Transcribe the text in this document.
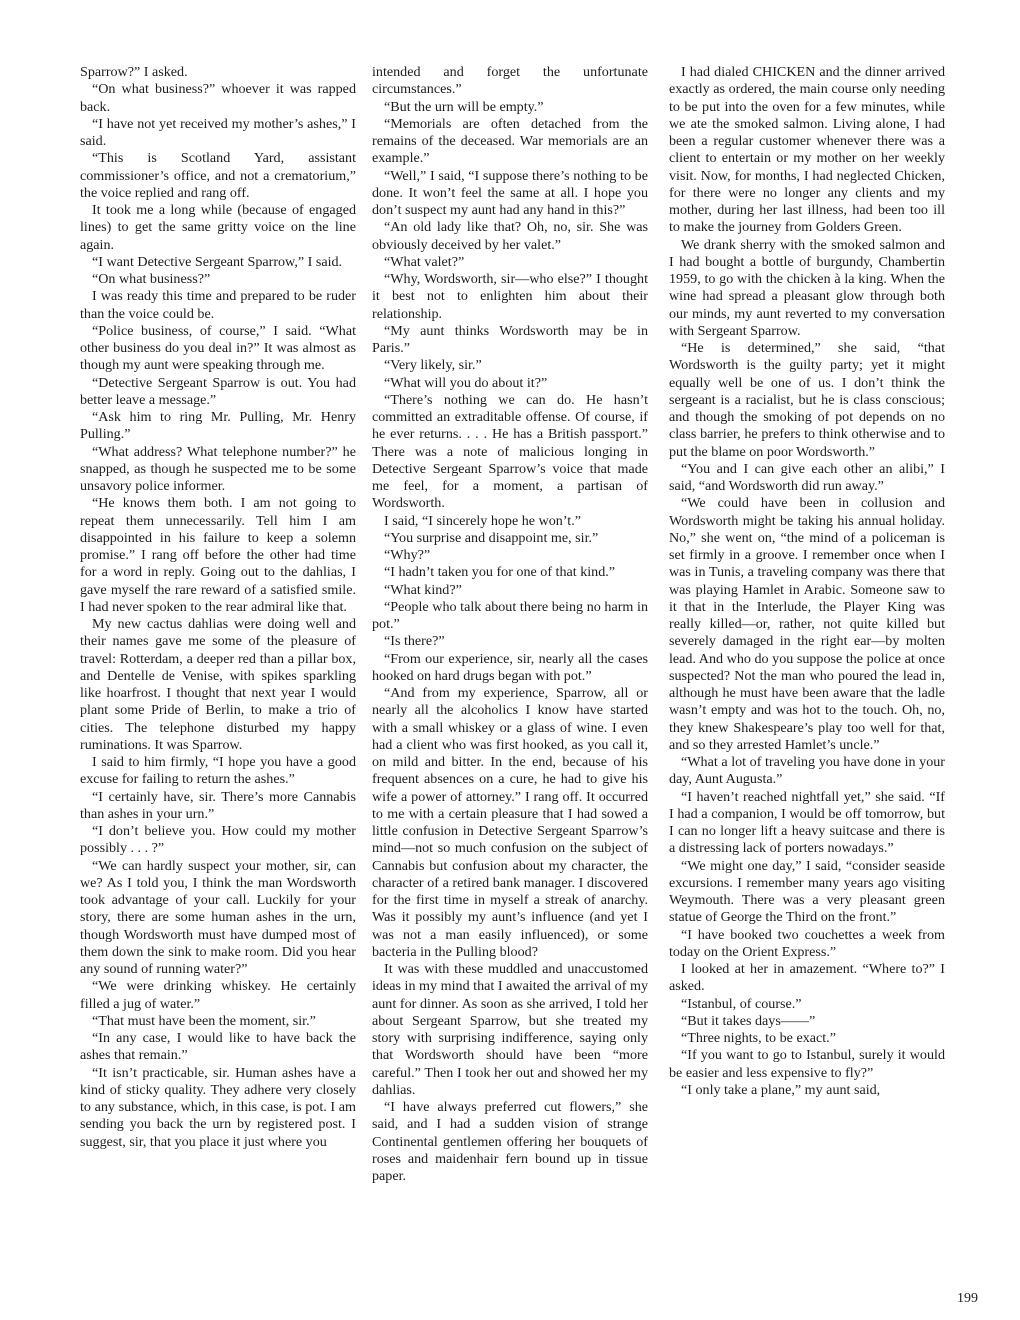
Sparrow?” I asked.

“On what business?” whoever it was rapped back.

“I have not yet received my mother’s ashes,” I said.

“This is Scotland Yard, assistant commissioner’s office, and not a crematorium,” the voice replied and rang off.

It took me a long while (because of engaged lines) to get the same gritty voice on the line again.

“I want Detective Sergeant Sparrow,” I said.

“On what business?”

I was ready this time and prepared to be ruder than the voice could be.

“Police business, of course,” I said. “What other business do you deal in?” It was almost as though my aunt were speaking through me.

“Detective Sergeant Sparrow is out. You had better leave a message.”

“Ask him to ring Mr. Pulling, Mr. Henry Pulling.”

“What address? What telephone number?” he snapped, as though he suspected me to be some unsavory police informer.

“He knows them both. I am not going to repeat them unnecessarily. Tell him I am disappointed in his failure to keep a solemn promise.” I rang off before the other had time for a word in reply. Going out to the dahlias, I gave myself the rare reward of a satisfied smile. I had never spoken to the rear admiral like that.

My new cactus dahlias were doing well and their names gave me some of the pleasure of travel: Rotterdam, a deeper red than a pillar box, and Dentelle de Venise, with spikes sparkling like hoarfrost. I thought that next year I would plant some Pride of Berlin, to make a trio of cities. The telephone disturbed my happy ruminations. It was Sparrow.

I said to him firmly, “I hope you have a good excuse for failing to return the ashes.”

“I certainly have, sir. There’s more Cannabis than ashes in your urn.”

“I don’t believe you. How could my mother possibly . . . ?”

“We can hardly suspect your mother, sir, can we? As I told you, I think the man Wordsworth took advantage of your call. Luckily for your story, there are some human ashes in the urn, though Wordsworth must have dumped most of them down the sink to make room. Did you hear any sound of running water?”

“We were drinking whiskey. He certainly filled a jug of water.”

“That must have been the moment, sir.”

“In any case, I would like to have back the ashes that remain.”

“It isn’t practicable, sir. Human ashes have a kind of sticky quality. They adhere very closely to any substance, which, in this case, is pot. I am sending you back the urn by registered post. I suggest, sir, that you place it just where you

intended and forget the unfortunate circumstances.”

“But the urn will be empty.”

“Memorials are often detached from the remains of the deceased. War memorials are an example.”

“Well,” I said, “I suppose there’s nothing to be done. It won’t feel the same at all. I hope you don’t suspect my aunt had any hand in this?”

“An old lady like that? Oh, no, sir. She was obviously deceived by her valet.”

“What valet?”

“Why, Wordsworth, sir—who else?” I thought it best not to enlighten him about their relationship.

“My aunt thinks Wordsworth may be in Paris.”

“Very likely, sir.”

“What will you do about it?”

“There’s nothing we can do. He hasn’t committed an extraditable offense. Of course, if he ever returns. . . . He has a British passport.” There was a note of malicious longing in Detective Sergeant Sparrow’s voice that made me feel, for a moment, a partisan of Wordsworth.

I said, “I sincerely hope he won’t.”

“You surprise and disappoint me, sir.”

“Why?”

“I hadn’t taken you for one of that kind.”

“What kind?”

“People who talk about there being no harm in pot.”

“Is there?”

“From our experience, sir, nearly all the cases hooked on hard drugs began with pot.”

“And from my experience, Sparrow, all or nearly all the alcoholics I know have started with a small whiskey or a glass of wine. I even had a client who was first hooked, as you call it, on mild and bitter. In the end, because of his frequent absences on a cure, he had to give his wife a power of attorney.” I rang off. It occurred to me with a certain pleasure that I had sowed a little confusion in Detective Sergeant Sparrow’s mind—not so much confusion on the subject of Cannabis but confusion about my character, the character of a retired bank manager. I discovered for the first time in myself a streak of anarchy. Was it possibly my aunt’s influence (and yet I was not a man easily influenced), or some bacteria in the Pulling blood?

It was with these muddled and unaccustomed ideas in my mind that I awaited the arrival of my aunt for dinner. As soon as she arrived, I told her about Sergeant Sparrow, but she treated my story with surprising indifference, saying only that Wordsworth should have been “more careful.” Then I took her out and showed her my dahlias.

“I have always preferred cut flowers,” she said, and I had a sudden vision of strange Continental gentlemen offering her bouquets of roses and maidenhair fern bound up in tissue paper.

I had dialed CHICKEN and the dinner arrived exactly as ordered, the main course only needing to be put into the oven for a few minutes, while we ate the smoked salmon. Living alone, I had been a regular customer whenever there was a client to entertain or my mother on her weekly visit. Now, for months, I had neglected Chicken, for there were no longer any clients and my mother, during her last illness, had been too ill to make the journey from Golders Green.

We drank sherry with the smoked salmon and I had bought a bottle of burgundy, Chambertin 1959, to go with the chicken à la king. When the wine had spread a pleasant glow through both our minds, my aunt reverted to my conversation with Sergeant Sparrow.

“He is determined,” she said, “that Wordsworth is the guilty party; yet it might equally well be one of us. I don’t think the sergeant is a racialist, but he is class conscious; and though the smoking of pot depends on no class barrier, he prefers to think otherwise and to put the blame on poor Wordsworth.”

“You and I can give each other an alibi,” I said, “and Wordsworth did run away.”

“We could have been in collusion and Wordsworth might be taking his annual holiday. No,” she went on, “the mind of a policeman is set firmly in a groove. I remember once when I was in Tunis, a traveling company was there that was playing Hamlet in Arabic. Someone saw to it that in the Interlude, the Player King was really killed—or, rather, not quite killed but severely damaged in the right ear—by molten lead. And who do you suppose the police at once suspected? Not the man who poured the lead in, although he must have been aware that the ladle wasn’t empty and was hot to the touch. Oh, no, they knew Shakespeare’s play too well for that, and so they arrested Hamlet’s uncle.”

“What a lot of traveling you have done in your day, Aunt Augusta.”

“I haven’t reached nightfall yet,” she said. “If I had a companion, I would be off tomorrow, but I can no longer lift a heavy suitcase and there is a distressing lack of porters nowadays.”

“We might one day,” I said, “consider seaside excursions. I remember many years ago visiting Weymouth. There was a very pleasant green statue of George the Third on the front.”

“I have booked two couchettes a week from today on the Orient Express.”

I looked at her in amazement. “Where to?” I asked.

“Istanbul, of course.”

“But it takes days——”

“Three nights, to be exact.”

“If you want to go to Istanbul, surely it would be easier and less expensive to fly?”

“I only take a plane,” my aunt said,

199
